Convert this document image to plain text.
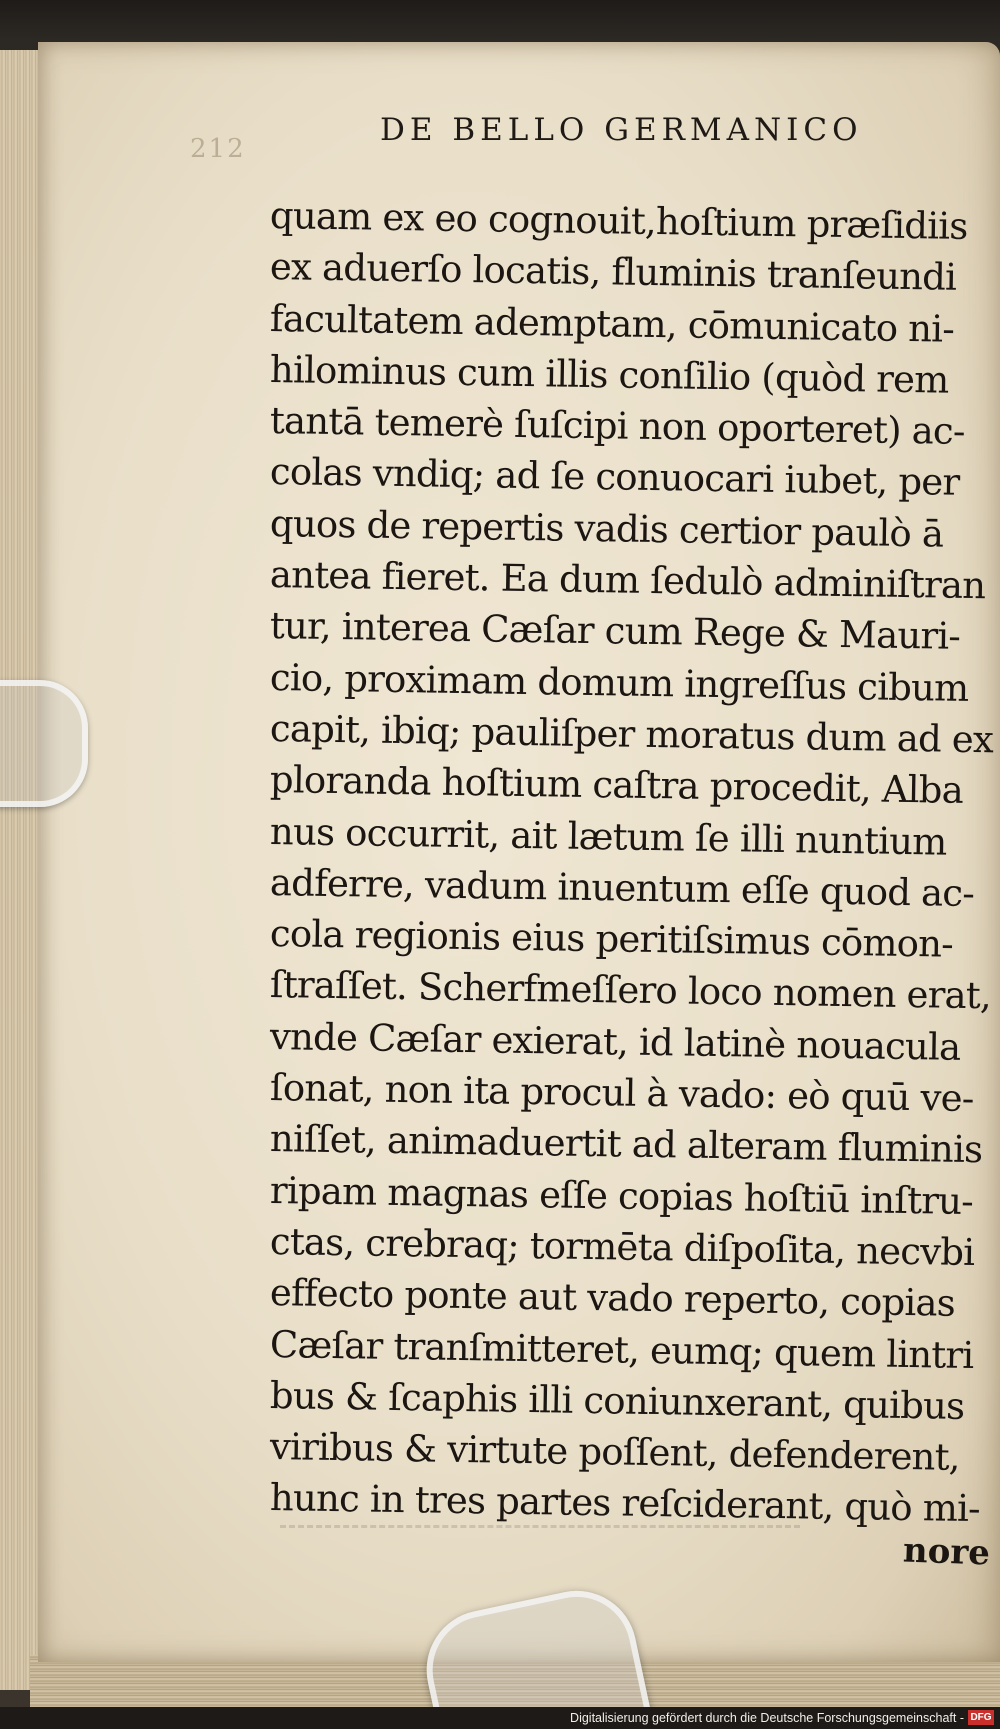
212
DE BELLO GERMANICO
quam ex eo cognouit,hoſtium præſidiis
ex aduerſo locatis, fluminis tranſeundi
facultatem ademptam, cōmunicato ni-
hilominus cum illis conſilio (quòd rem
tantā temerè ſuſcipi non oporteret) ac-
colas vndiq; ad ſe conuocari iubet, per
quos de repertis vadis certior paulò ā
antea fieret. Ea dum ſedulò adminiſtran
tur, interea Cæſar cum Rege & Mauri-
cio, proximam domum ingreſſus cibum
capit, ibiq; pauliſper moratus dum ad ex
ploranda hoſtium caſtra procedit, Alba
nus occurrit, ait lætum ſe illi nuntium
adferre, vadum inuentum eſſe quod ac-
cola regionis eius peritiſsimus cōmon-
ſtraſſet. Scherfmeſſero loco nomen erat,
vnde Cæſar exierat, id latinè nouacula
ſonat, non ita procul à vado: eò quū ve-
niſſet, animaduertit ad alteram fluminis
ripam magnas eſſe copias hoſtiū inſtru-
ctas, crebraq; tormēta diſpoſita, necvbi
effecto ponte aut vado reperto, copias
Cæſar tranſmitteret, eumq; quem lintri
bus & ſcaphis illi coniunxerant, quibus
viribus & virtute poſſent, defenderent,
hunc in tres partes reſciderant, quò mi-
nore
Digitalisierung gefördert durch die Deutsche Forschungsgemeinschaft - DFG
